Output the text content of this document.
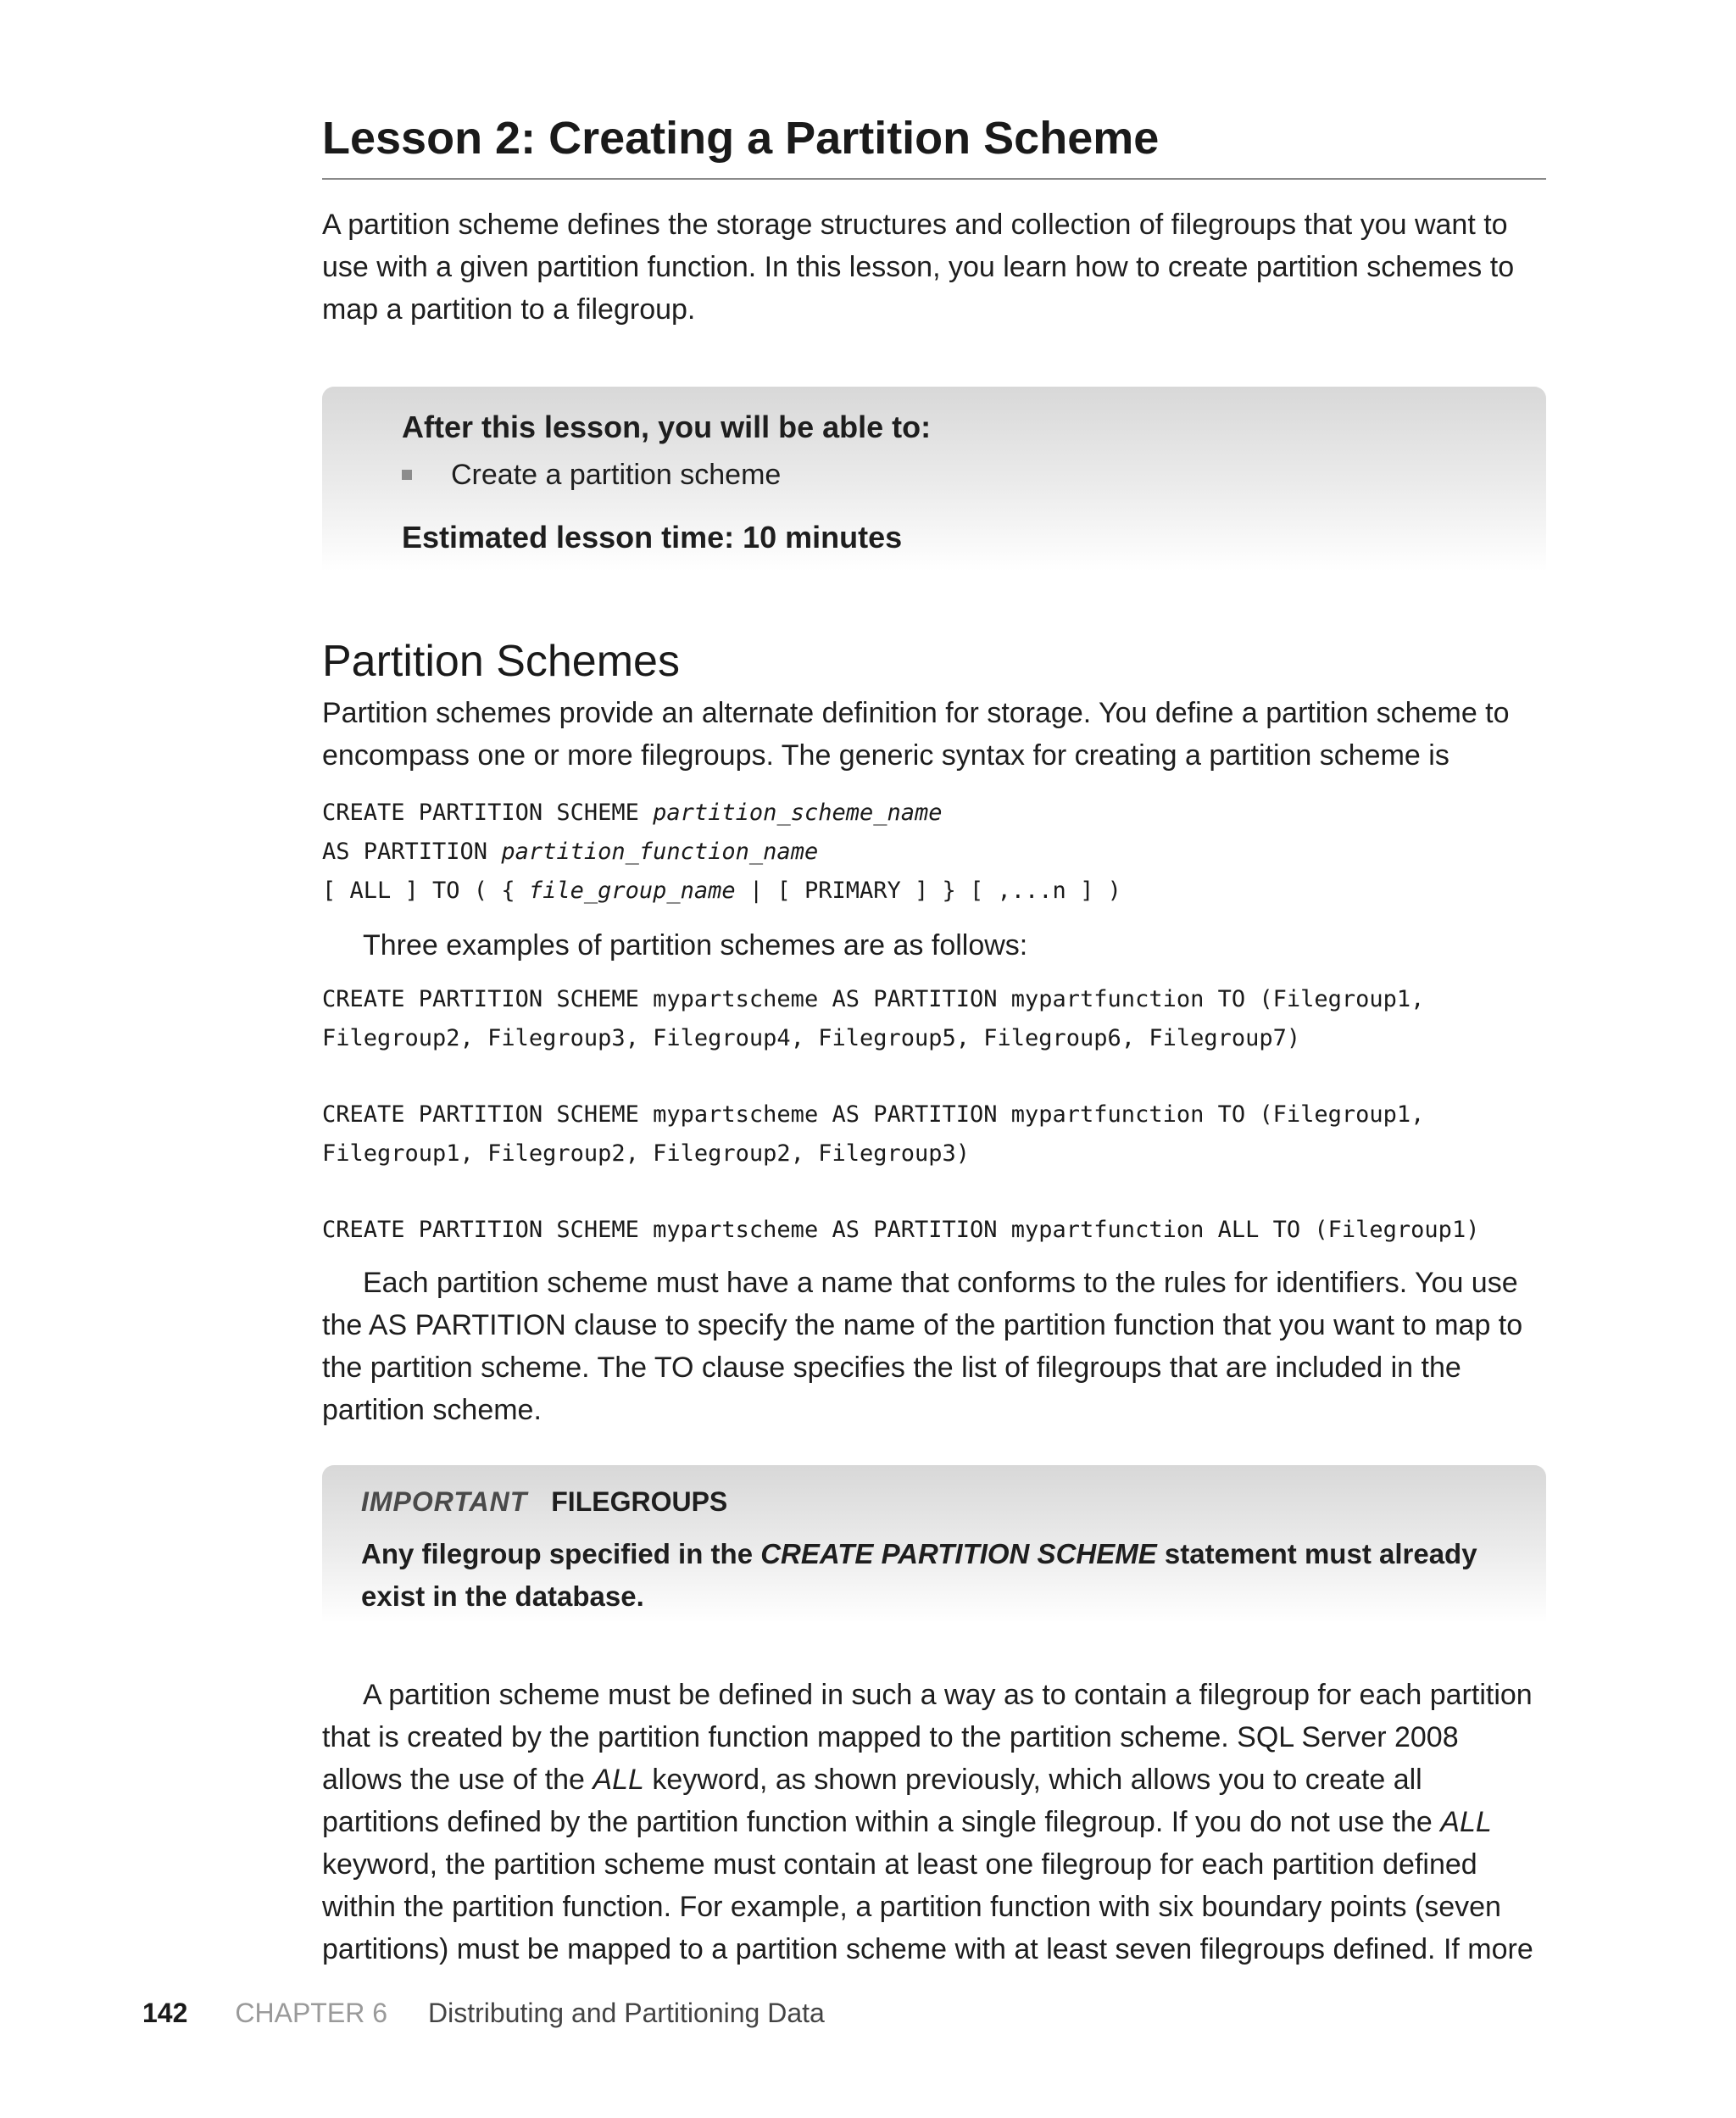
Lesson 2: Creating a Partition Scheme

A partition scheme defines the storage structures and collection of filegroups that you want to use with a given partition function. In this lesson, you learn how to create partition schemes to map a partition to a filegroup.

After this lesson, you will be able to:

Create a partition scheme

Estimated lesson time: 10 minutes

Partition Schemes

Partition schemes provide an alternate definition for storage. You define a partition scheme to encompass one or more filegroups. The generic syntax for creating a partition scheme is

CREATE PARTITION SCHEME partition_scheme_name
AS PARTITION partition_function_name
[ ALL ] TO ( { file_group_name | [ PRIMARY ] } [ ,...n ] )

Three examples of partition schemes are as follows:

CREATE PARTITION SCHEME mypartscheme AS PARTITION mypartfunction TO (Filegroup1,
Filegroup2, Filegroup3, Filegroup4, Filegroup5, Filegroup6, Filegroup7)
CREATE PARTITION SCHEME mypartscheme AS PARTITION mypartfunction TO (Filegroup1,
Filegroup1, Filegroup2, Filegroup2, Filegroup3)
CREATE PARTITION SCHEME mypartscheme AS PARTITION mypartfunction ALL TO (Filegroup1)

Each partition scheme must have a name that conforms to the rules for identifiers. You use the AS PARTITION clause to specify the name of the partition function that you want to map to the partition scheme. The TO clause specifies the list of filegroups that are included in the partition scheme.

IMPORTANT FILEGROUPS

Any filegroup specified in the CREATE PARTITION SCHEME statement must already exist in the database.

A partition scheme must be defined in such a way as to contain a filegroup for each partition that is created by the partition function mapped to the partition scheme. SQL Server 2008 allows the use of the ALL keyword, as shown previously, which allows you to create all partitions defined by the partition function within a single filegroup. If you do not use the ALL keyword, the partition scheme must contain at least one filegroup for each partition defined within the partition function. For example, a partition function with six boundary points (seven partitions) must be mapped to a partition scheme with at least seven filegroups defined. If more

142 CHAPTER 6 Distributing and Partitioning Data
